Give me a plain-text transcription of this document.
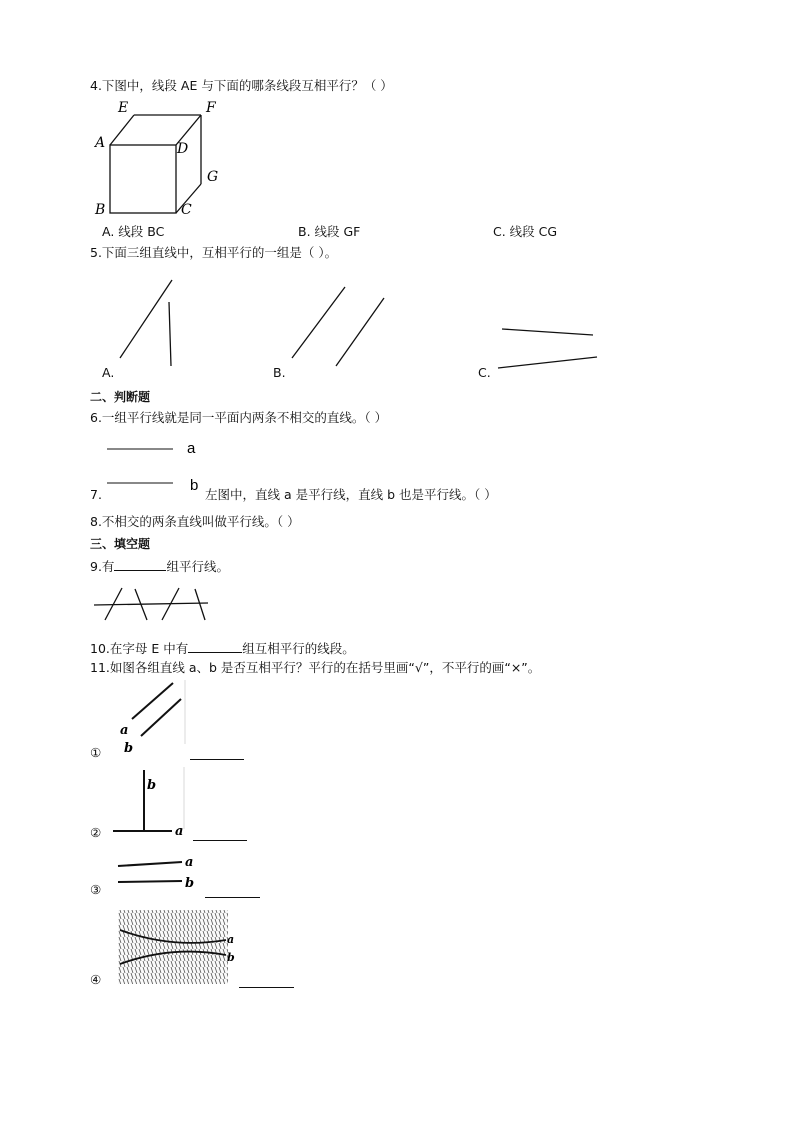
4.下图中，线段 AE 与下面的哪条线段互相平行？（ ）
E	F
A	D
G
B	C
A. 线段 BC	B. 线段 GF	C. 线段 CG
5.下面三组直线中，互相平行的一组是（ ）。
A.	B.	C.
二、判断题
6.一组平行线就是同一平面内两条不相交的直线。（ ）
a
b
7.	左图中，直线 a 是平行线，直线 b 也是平行线。（ ）
8.不相交的两条直线叫做平行线。（ ）
三、填空题
9.有	组平行线。
10.在字母 E 中有	组互相平行的线段。
11.如图各组直线 a、b 是否互相平行？平行的在括号里画“√”，不平行的画“×”。
a
b
①
b
a
②
a
b
③
a
b
④
